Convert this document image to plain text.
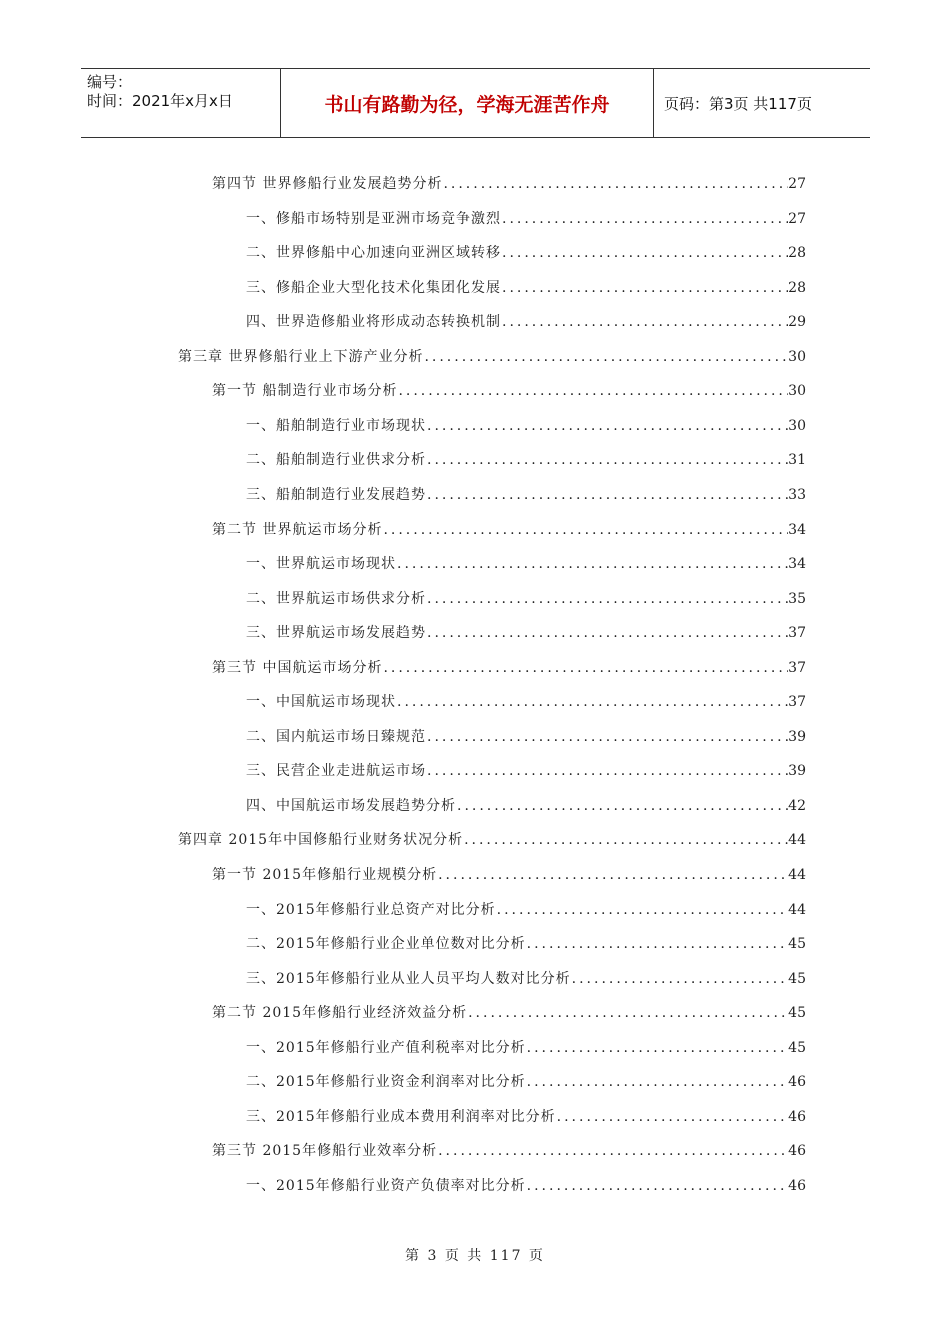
编号：
时间：2021年x月x日	书山有路勤为径，学海无涯苦作舟	页码：第3页 共117页
第四节 世界修船行业发展趋势分析 .....	27
一、修船市场特别是亚洲市场竞争激烈 .....	27
二、世界修船中心加速向亚洲区域转移 .....	28
三、修船企业大型化技术化集团化发展 .....	28
四、世界造修船业将形成动态转换机制 .....	29
第三章 世界修船行业上下游产业分析 .....	30
第一节 船制造行业市场分析 .....	30
一、船舶制造行业市场现状 .....	30
二、船舶制造行业供求分析 .....	31
三、船舶制造行业发展趋势 .....	33
第二节 世界航运市场分析 .....	34
一、世界航运市场现状 .....	34
二、世界航运市场供求分析 .....	35
三、世界航运市场发展趋势 .....	37
第三节 中国航运市场分析 .....	37
一、中国航运市场现状 .....	37
二、国内航运市场日臻规范 .....	39
三、民营企业走进航运市场 .....	39
四、中国航运市场发展趋势分析 .....	42
第四章 2015年中国修船行业财务状况分析 .....	44
第一节 2015年修船行业规模分析 .....	44
一、2015年修船行业总资产对比分析 .....	44
二、2015年修船行业企业单位数对比分析 .....	45
三、2015年修船行业从业人员平均人数对比分析 .....	45
第二节 2015年修船行业经济效益分析 .....	45
一、2015年修船行业产值利税率对比分析 .....	45
二、2015年修船行业资金利润率对比分析 .....	46
三、2015年修船行业成本费用利润率对比分析 .....	46
第三节 2015年修船行业效率分析 .....	46
一、2015年修船行业资产负债率对比分析 .....	46
第 3 页 共 117 页
